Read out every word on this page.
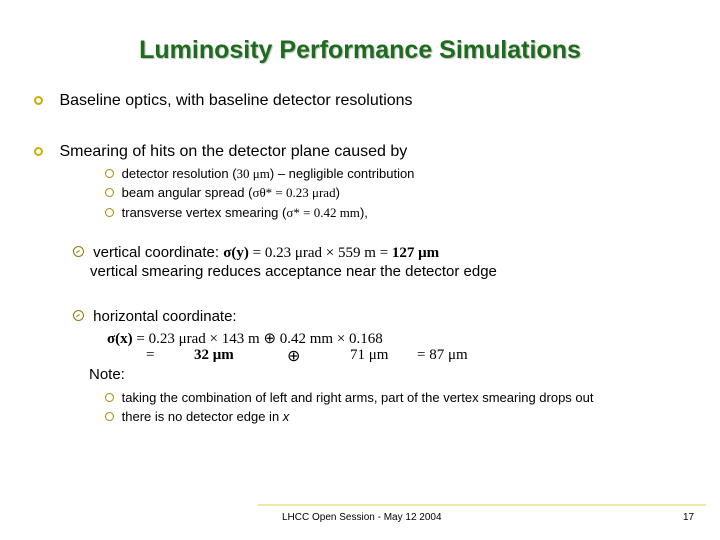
Luminosity Performance Simulations
Baseline optics, with baseline detector resolutions
Smearing of hits on the detector plane caused by
detector resolution (30 μm) – negligible contribution
beam angular spread (σθ* = 0.23 μrad)
transverse vertex smearing (σ* = 0.42 mm),
vertical coordinate: σ(y) = 0.23 μrad × 559 m = 127 μm
vertical smearing reduces acceptance near the detector edge
horizontal coordinate:
σ(x) = 0.23 μrad × 143 m ⊕ 0.42 mm × 0.168
=	32 μm	⊕	71 μm = 87 μm
Note:
taking the combination of left and right arms, part of the vertex smearing drops out
there is no detector edge in x
LHCC Open Session - May 12 2004	17
